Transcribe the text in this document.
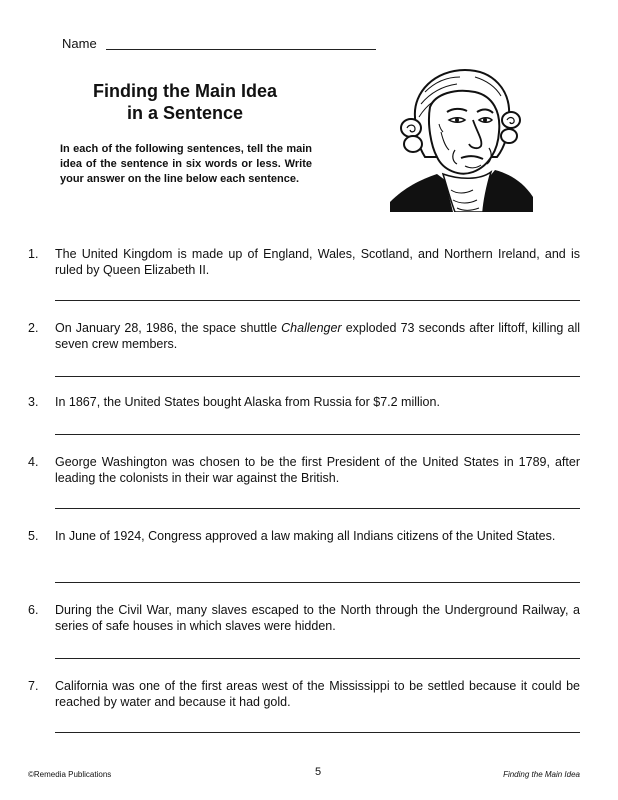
Name
Finding the Main Idea
in a Sentence
In each of the following sentences, tell the main idea of the sentence in six words or less. Write your answer on the line below each sentence.
1. The United Kingdom is made up of England, Wales, Scotland, and Northern Ireland, and is ruled by Queen Elizabeth II.
2. On January 28, 1986, the space shuttle Challenger exploded 73 seconds after liftoff, killing all seven crew members.
3. In 1867, the United States bought Alaska from Russia for $7.2 million.
4. George Washington was chosen to be the first President of the United States in 1789, after leading the colonists in their war against the British.
5. In June of 1924, Congress approved a law making all Indians citizens of the United States.
6. During the Civil War, many slaves escaped to the North through the Underground Railway, a series of safe houses in which slaves were hidden.
7. California was one of the first areas west of the Mississippi to be settled because it could be reached by water and because it had gold.
©Remedia Publications	5	Finding the Main Idea
